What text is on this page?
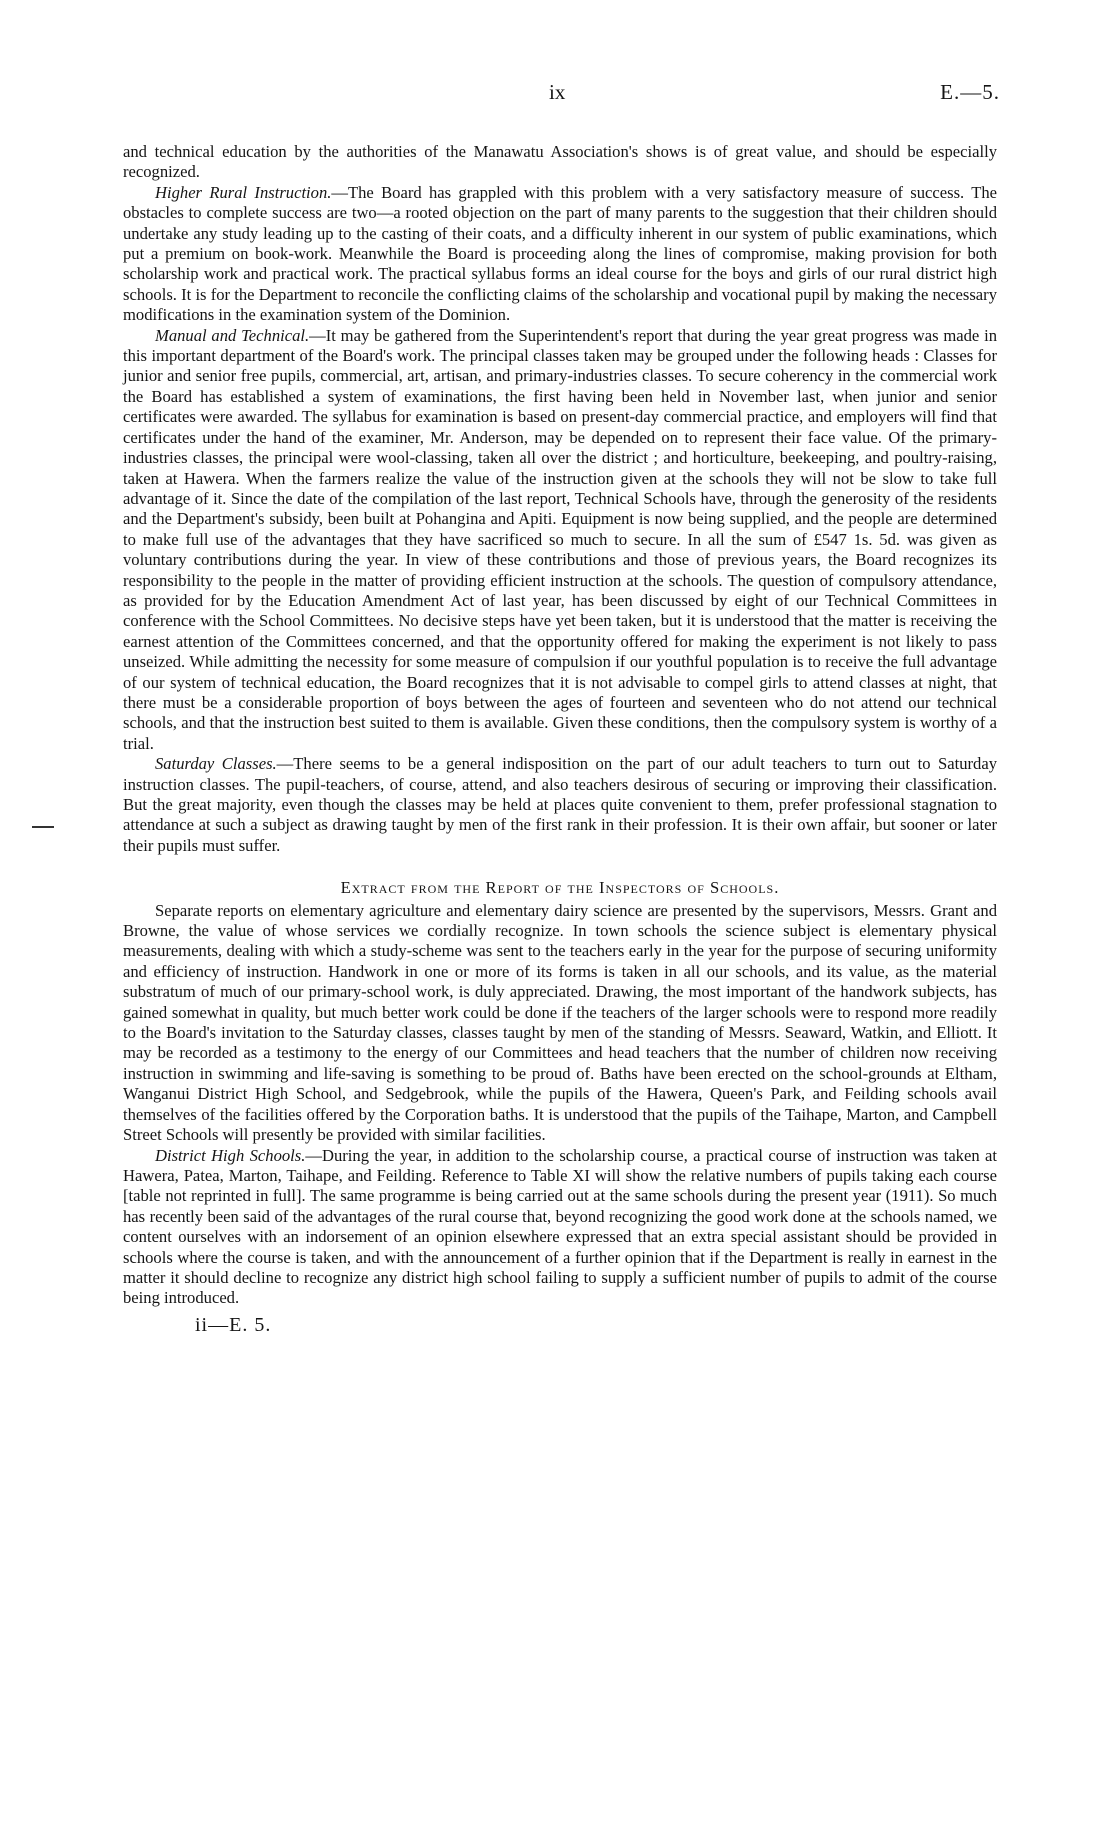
ix	E.—5.

and technical education by the authorities of the Manawatu Association's shows is of great value, and should be especially recognized.

Higher Rural Instruction.—The Board has grappled with this problem with a very satisfactory measure of success. The obstacles to complete success are two—a rooted objection on the part of many parents to the suggestion that their children should undertake any study leading up to the casting of their coats, and a difficulty inherent in our system of public examinations, which put a premium on book-work. Meanwhile the Board is proceeding along the lines of compromise, making provision for both scholarship work and practical work. The practical syllabus forms an ideal course for the boys and girls of our rural district high schools. It is for the Department to reconcile the conflicting claims of the scholarship and vocational pupil by making the necessary modifications in the examination system of the Dominion.

Manual and Technical.—It may be gathered from the Superintendent's report that during the year great progress was made in this important department of the Board's work. The principal classes taken may be grouped under the following heads : Classes for junior and senior free pupils, commercial, art, artisan, and primary-industries classes. To secure coherency in the commercial work the Board has established a system of examinations, the first having been held in November last, when junior and senior certificates were awarded. The syllabus for examination is based on present-day commercial practice, and employers will find that certificates under the hand of the examiner, Mr. Anderson, may be depended on to represent their face value. Of the primary-industries classes, the principal were wool-classing, taken all over the district ; and horticulture, beekeeping, and poultry-raising, taken at Hawera. When the farmers realize the value of the instruction given at the schools they will not be slow to take full advantage of it. Since the date of the compilation of the last report, Technical Schools have, through the generosity of the residents and the Department's subsidy, been built at Pohangina and Apiti. Equipment is now being supplied, and the people are determined to make full use of the advantages that they have sacrificed so much to secure. In all the sum of £547 1s. 5d. was given as voluntary contributions during the year. In view of these contributions and those of previous years, the Board recognizes its responsibility to the people in the matter of providing efficient instruction at the schools. The question of compulsory attendance, as provided for by the Education Amendment Act of last year, has been discussed by eight of our Technical Committees in conference with the School Committees. No decisive steps have yet been taken, but it is understood that the matter is receiving the earnest attention of the Committees concerned, and that the opportunity offered for making the experiment is not likely to pass unseized. While admitting the necessity for some measure of compulsion if our youthful population is to receive the full advantage of our system of technical education, the Board recognizes that it is not advisable to compel girls to attend classes at night, that there must be a considerable proportion of boys between the ages of fourteen and seventeen who do not attend our technical schools, and that the instruction best suited to them is available. Given these conditions, then the compulsory system is worthy of a trial.

Saturday Classes.—There seems to be a general indisposition on the part of our adult teachers to turn out to Saturday instruction classes. The pupil-teachers, of course, attend, and also teachers desirous of securing or improving their classification. But the great majority, even though the classes may be held at places quite convenient to them, prefer professional stagnation to attendance at such a subject as drawing taught by men of the first rank in their profession. It is their own affair, but sooner or later their pupils must suffer.

Extract from the Report of the Inspectors of Schools.

Separate reports on elementary agriculture and elementary dairy science are presented by the supervisors, Messrs. Grant and Browne, the value of whose services we cordially recognize. In town schools the science subject is elementary physical measurements, dealing with which a study-scheme was sent to the teachers early in the year for the purpose of securing uniformity and efficiency of instruction. Handwork in one or more of its forms is taken in all our schools, and its value, as the material substratum of much of our primary-school work, is duly appreciated. Drawing, the most important of the handwork subjects, has gained somewhat in quality, but much better work could be done if the teachers of the larger schools were to respond more readily to the Board's invitation to the Saturday classes, classes taught by men of the standing of Messrs. Seaward, Watkin, and Elliott. It may be recorded as a testimony to the energy of our Committees and head teachers that the number of children now receiving instruction in swimming and life-saving is something to be proud of. Baths have been erected on the school-grounds at Eltham, Wanganui District High School, and Sedgebrook, while the pupils of the Hawera, Queen's Park, and Feilding schools avail themselves of the facilities offered by the Corporation baths. It is understood that the pupils of the Taihape, Marton, and Campbell Street Schools will presently be provided with similar facilities.

District High Schools.—During the year, in addition to the scholarship course, a practical course of instruction was taken at Hawera, Patea, Marton, Taihape, and Feilding. Reference to Table XI will show the relative numbers of pupils taking each course [table not reprinted in full]. The same programme is being carried out at the same schools during the present year (1911). So much has recently been said of the advantages of the rural course that, beyond recognizing the good work done at the schools named, we content ourselves with an indorsement of an opinion elsewhere expressed that an extra special assistant should be provided in schools where the course is taken, and with the announcement of a further opinion that if the Department is really in earnest in the matter it should decline to recognize any district high school failing to supply a sufficient number of pupils to admit of the course being introduced.

ii—E. 5.
